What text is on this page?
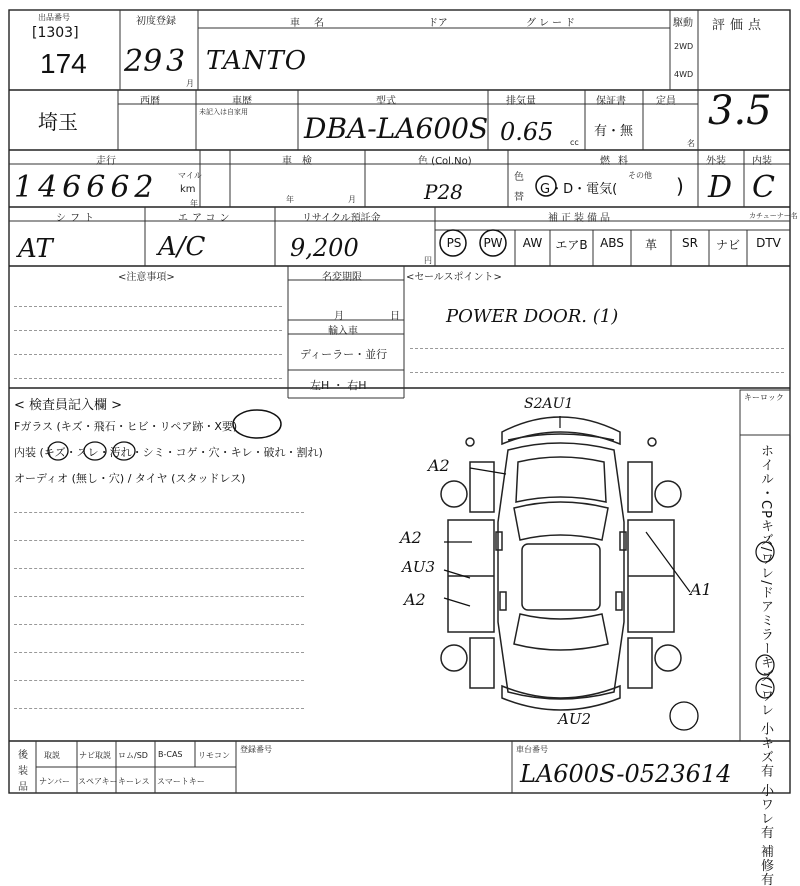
出品番号
[1303]
174
初度登録
29 3
月
車名
TANTO
ドア	グレード	駆動
2WD
4WD
評価点
3.5
埼玉
西暦	車歴
未記入は自家用
型式
DBA-LA600S
排気量
0.65 cc
保証書
有・無
定員
名
走行
146662 マイル
km
年
車検
年	月
色 (Col.No)
P28
色替
燃料
G・D・電気(
その他 )
外装
D
内装
C
シフト
AT
エアコン
A/C
リサイクル預託金
9,200	円
補正装備品	カチューナー名
PS	PW	AW	エアB	ABS	革	SR	ナビ	DTV
<注意事項>	名変期限
月	日
輸入車
ディーラー・並行
左H ・ 右H
<セールスポイント>
POWER DOOR. (1)
< 検査員記入欄 >
Fガラス (キズ・飛石・ヒビ・リペア跡・X要)
内装 (キズ・スレ・汚れ・シミ・コゲ・穴・キレ・破れ・割れ)
オーディオ (無し・穴) / タイヤ (スタッドレス)
S2AU1
A2
A2
AU3
A2
A1
AU2
キーロック
ホイル・CPキズ/ワレ/ドアミラーキズ/ワレ 小キズ有 小ワレ有 補修有
後
装
品
取説 ナビ取説 ロム/SD B-CAS リモコン
ナンバー スペアキー キーレス スマートキー
登録番号	車台番号
LA600S-0523614
